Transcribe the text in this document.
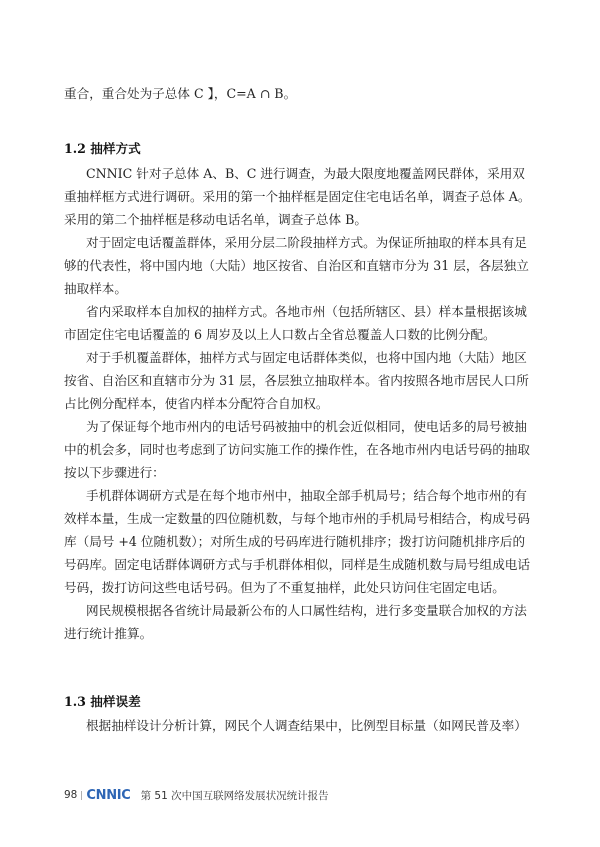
重合，重合处为子总体 C 】，C=A ∩ B。
1.2 抽样方式
CNNIC 针对子总体 A、B、C 进行调查，为最大限度地覆盖网民群体，采用双
重抽样框方式进行调研。采用的第一个抽样框是固定住宅电话名单，调查子总体 A。
采用的第二个抽样框是移动电话名单，调查子总体 B。
对于固定电话覆盖群体，采用分层二阶段抽样方式。为保证所抽取的样本具有足
够的代表性，将中国内地（大陆）地区按省、自治区和直辖市分为 31 层，各层独立
抽取样本。
省内采取样本自加权的抽样方式。各地市州（包括所辖区、县）样本量根据该城
市固定住宅电话覆盖的 6 周岁及以上人口数占全省总覆盖人口数的比例分配。
对于手机覆盖群体，抽样方式与固定电话群体类似，也将中国内地（大陆）地区
按省、自治区和直辖市分为 31 层，各层独立抽取样本。省内按照各地市居民人口所
占比例分配样本，使省内样本分配符合自加权。
为了保证每个地市州内的电话号码被抽中的机会近似相同，使电话多的局号被抽
中的机会多，同时也考虑到了访问实施工作的操作性，在各地市州内电话号码的抽取
按以下步骤进行：
手机群体调研方式是在每个地市州中，抽取全部手机局号；结合每个地市州的有
效样本量，生成一定数量的四位随机数，与每个地市州的手机局号相结合，构成号码
库（局号 +4 位随机数）；对所生成的号码库进行随机排序；拨打访问随机排序后的
号码库。固定电话群体调研方式与手机群体相似，同样是生成随机数与局号组成电话
号码，拨打访问这些电话号码。但为了不重复抽样，此处只访问住宅固定电话。
网民规模根据各省统计局最新公布的人口属性结构，进行多变量联合加权的方法
进行统计推算。
1.3 抽样误差
根据抽样设计分析计算，网民个人调查结果中，比例型目标量（如网民普及率）
98 CNNIC 第 51 次中国互联网络发展状况统计报告
